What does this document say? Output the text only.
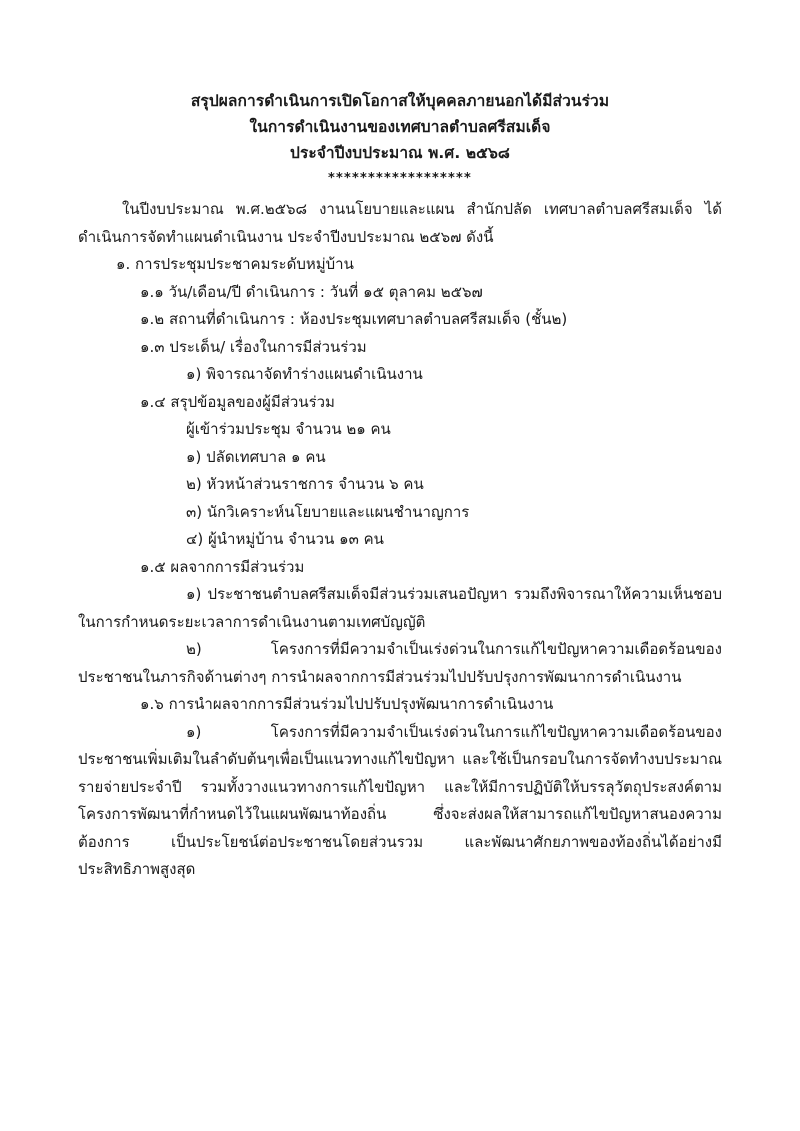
สรุปผลการดำเนินการเปิดโอกาสให้บุคคลภายนอกได้มีส่วนร่วม
ในการดำเนินงานของเทศบาลตำบลศรีสมเด็จ
ประจำปีงบประมาณ พ.ศ. ๒๕๖๘
******************

ในปีงบประมาณ พ.ศ.๒๕๖๘ งานนโยบายและแผน สำนักปลัด เทศบาลตำบลศรีสมเด็จ ได้ดำเนินการจัดทำแผนดำเนินงาน ประจำปีงบประมาณ ๒๕๖๗ ดังนี้

๑. การประชุมประชาคมระดับหมู่บ้าน

๑.๑ วัน/เดือน/ปี ดำเนินการ : วันที่ ๑๕ ตุลาคม ๒๕๖๗

๑.๒ สถานที่ดำเนินการ : ห้องประชุมเทศบาลตำบลศรีสมเด็จ (ชั้น๒)

๑.๓ ประเด็น/ เรื่องในการมีส่วนร่วม

๑) พิจารณาจัดทำร่างแผนดำเนินงาน

๑.๔ สรุปข้อมูลของผู้มีส่วนร่วม

ผู้เข้าร่วมประชุม จำนวน ๒๑ คน

๑) ปลัดเทศบาล ๑ คน

๒) หัวหน้าส่วนราชการ จำนวน ๖ คน

๓) นักวิเคราะห์นโยบายและแผนชำนาญการ

๔) ผู้นำหมู่บ้าน จำนวน ๑๓ คน

๑.๕ ผลจากการมีส่วนร่วม

๑) ประชาชนตำบลศรีสมเด็จมีส่วนร่วมเสนอปัญหา รวมถึงพิจารณาให้ความเห็นชอบในการกำหนดระยะเวลาการดำเนินงานตามเทศบัญญัติ

๒) โครงการที่มีความจำเป็นเร่งด่วนในการแก้ไขปัญหาความเดือดร้อนของประชาชนในภารกิจด้านต่างๆ การนำผลจากการมีส่วนร่วมไปปรับปรุงการพัฒนาการดำเนินงาน

๑.๖ การนำผลจากการมีส่วนร่วมไปปรับปรุงพัฒนาการดำเนินงาน

๑) โครงการที่มีความจำเป็นเร่งด่วนในการแก้ไขปัญหาความเดือดร้อนของประชาชนเพิ่มเติมในลำดับต้นๆเพื่อเป็นแนวทางแก้ไขปัญหา และใช้เป็นกรอบในการจัดทำงบประมาณรายจ่ายประจำปี รวมทั้งวางแนวทางการแก้ไขปัญหา และให้มีการปฏิบัติให้บรรลุวัตถุประสงค์ตามโครงการพัฒนาที่กำหนดไว้ในแผนพัฒนาท้องถิ่น ซึ่งจะส่งผลให้สามารถแก้ไขปัญหาสนองความต้องการ เป็นประโยชน์ต่อประชาชนโดยส่วนรวม และพัฒนาศักยภาพของท้องถิ่นได้อย่างมีประสิทธิภาพสูงสุด
